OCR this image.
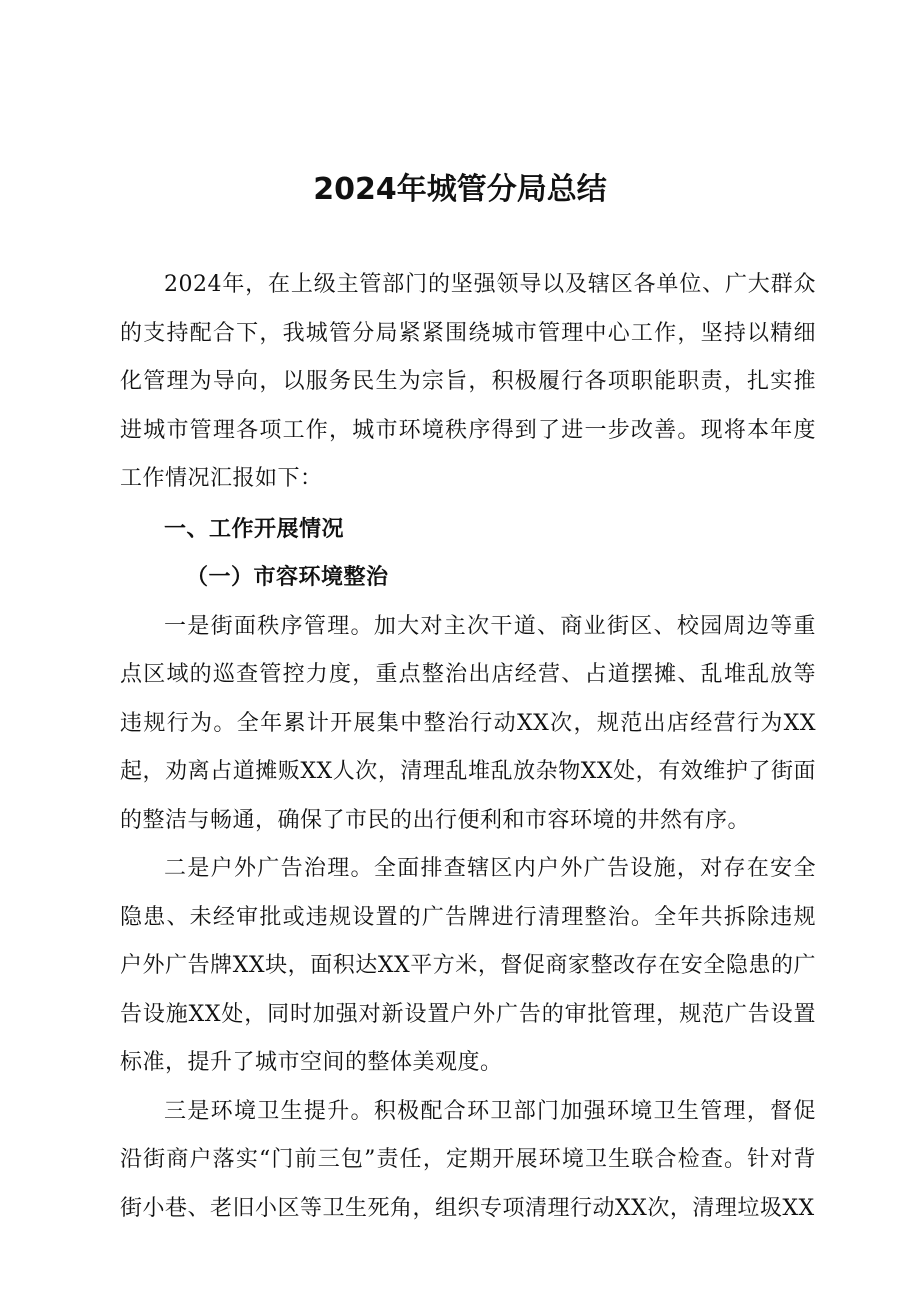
2024年城管分局总结

2024年，在上级主管部门的坚强领导以及辖区各单位、广大群众的支持配合下，我城管分局紧紧围绕城市管理中心工作，坚持以精细化管理为导向，以服务民生为宗旨，积极履行各项职能职责，扎实推进城市管理各项工作，城市环境秩序得到了进一步改善。现将本年度工作情况汇报如下：

一、工作开展情况

（一）市容环境整治

一是街面秩序管理。加大对主次干道、商业街区、校园周边等重点区域的巡查管控力度，重点整治出店经营、占道摆摊、乱堆乱放等违规行为。全年累计开展集中整治行动XX次，规范出店经营行为XX起，劝离占道摊贩XX人次，清理乱堆乱放杂物XX处，有效维护了街面的整洁与畅通，确保了市民的出行便利和市容环境的井然有序。

二是户外广告治理。全面排查辖区内户外广告设施，对存在安全隐患、未经审批或违规设置的广告牌进行清理整治。全年共拆除违规户外广告牌XX块，面积达XX平方米，督促商家整改存在安全隐患的广告设施XX处，同时加强对新设置户外广告的审批管理，规范广告设置标准，提升了城市空间的整体美观度。

三是环境卫生提升。积极配合环卫部门加强环境卫生管理，督促沿街商户落实“门前三包”责任，定期开展环境卫生联合检查。针对背街小巷、老旧小区等卫生死角，组织专项清理行动XX次，清理垃圾XX
